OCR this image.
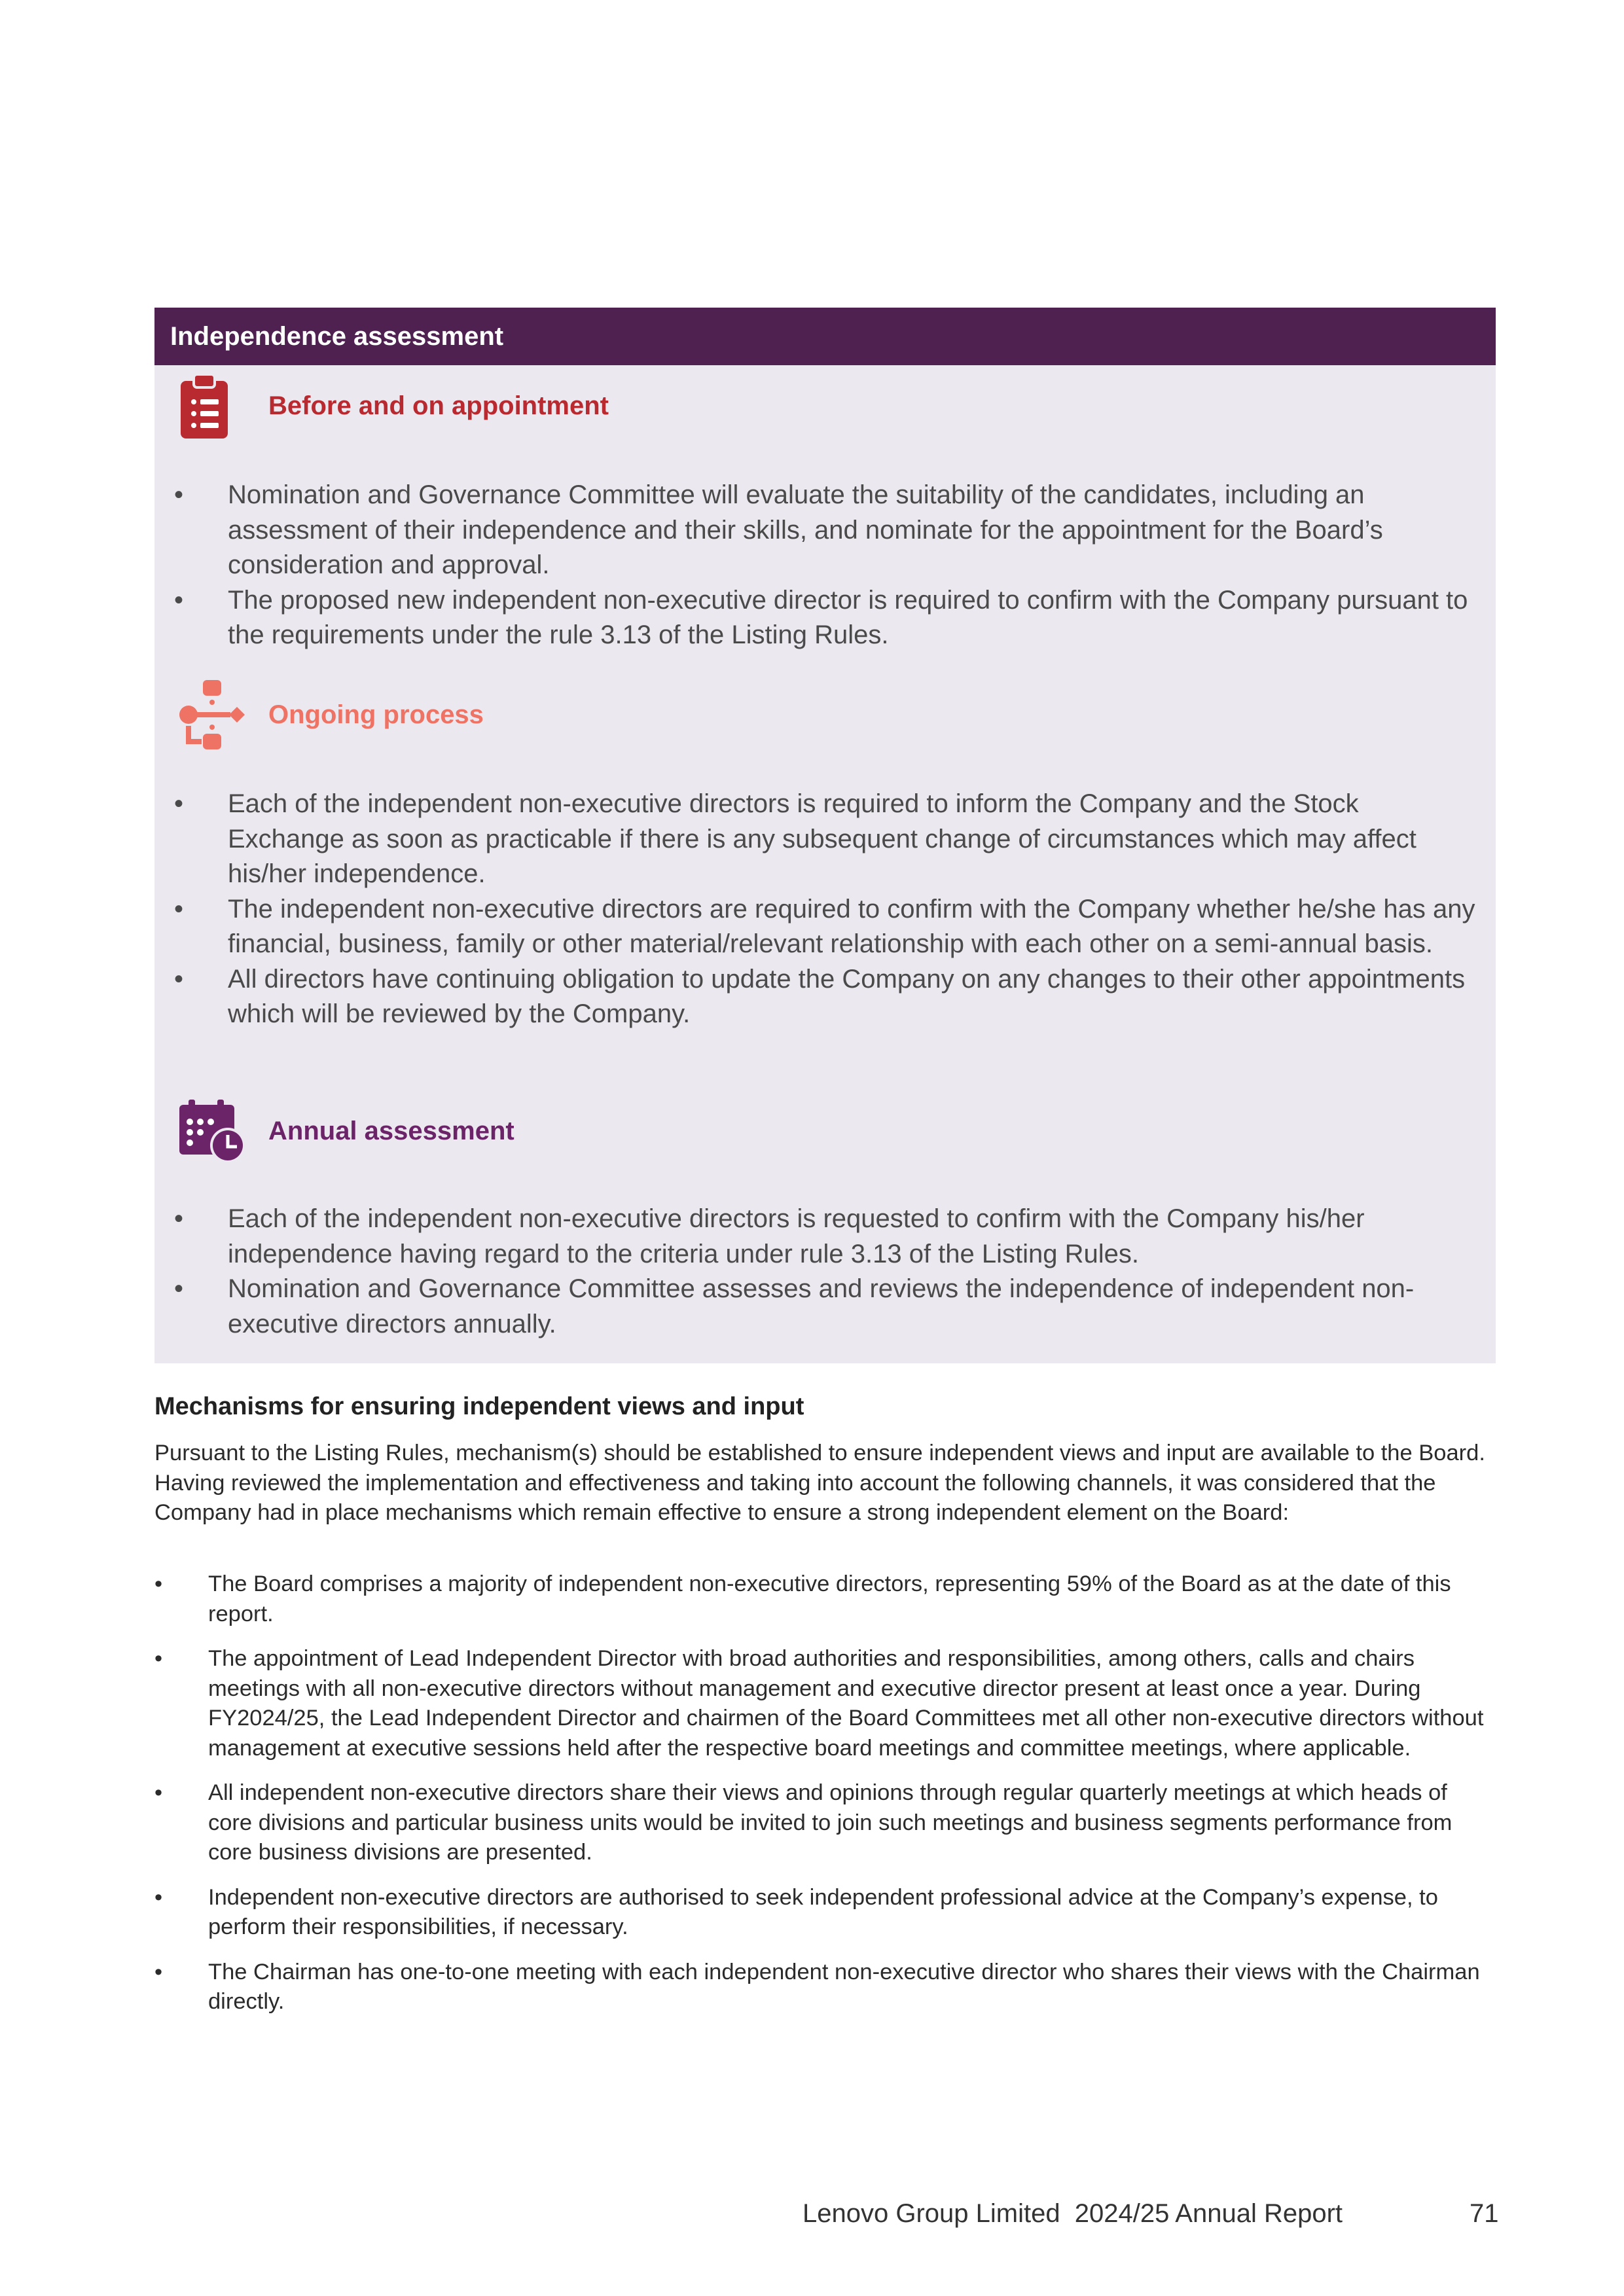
Independence assessment
Before and on appointment
• Nomination and Governance Committee will evaluate the suitability of the candidates, including an assessment of their independence and their skills, and nominate for the appointment for the Board’s consideration and approval.
• The proposed new independent non-executive director is required to confirm with the Company pursuant to the requirements under the rule 3.13 of the Listing Rules.
Ongoing process
• Each of the independent non-executive directors is required to inform the Company and the Stock Exchange as soon as practicable if there is any subsequent change of circumstances which may affect his/her independence.
• The independent non-executive directors are required to confirm with the Company whether he/she has any financial, business, family or other material/relevant relationship with each other on a semi-annual basis.
• All directors have continuing obligation to update the Company on any changes to their other appointments which will be reviewed by the Company.
Annual assessment
• Each of the independent non-executive directors is requested to confirm with the Company his/her independence having regard to the criteria under rule 3.13 of the Listing Rules.
• Nomination and Governance Committee assesses and reviews the independence of independent non-executive directors annually.
Mechanisms for ensuring independent views and input

Pursuant to the Listing Rules, mechanism(s) should be established to ensure independent views and input are available to the Board. Having reviewed the implementation and effectiveness and taking into account the following channels, it was considered that the Company had in place mechanisms which remain effective to ensure a strong independent element on the Board:

• The Board comprises a majority of independent non-executive directors, representing 59% of the Board as at the date of this report.
• The appointment of Lead Independent Director with broad authorities and responsibilities, among others, calls and chairs meetings with all non-executive directors without management and executive director present at least once a year. During FY2024/25, the Lead Independent Director and chairmen of the Board Committees met all other non-executive directors without management at executive sessions held after the respective board meetings and committee meetings, where applicable.
• All independent non-executive directors share their views and opinions through regular quarterly meetings at which heads of core divisions and particular business units would be invited to join such meetings and business segments performance from core business divisions are presented.
• Independent non-executive directors are authorised to seek independent professional advice at the Company’s expense, to perform their responsibilities, if necessary.
• The Chairman has one-to-one meeting with each independent non-executive director who shares their views with the Chairman directly.
Lenovo Group Limited  2024/25 Annual Report	71
